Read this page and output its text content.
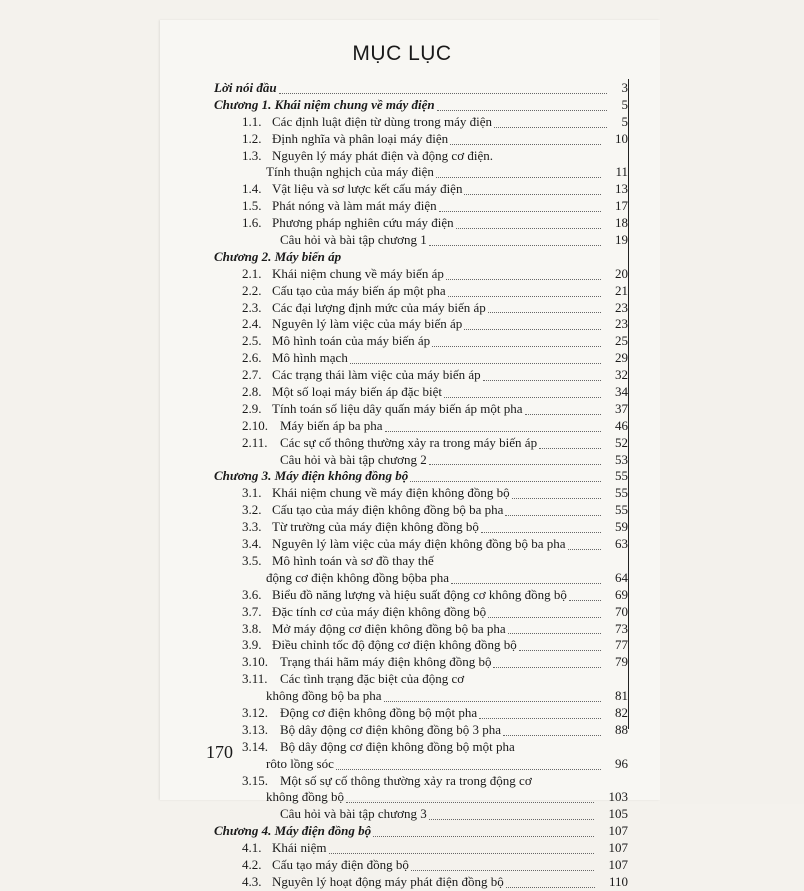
MỤC LỤC
Lời nói đầu	3
Chương 1. Khái niệm chung về máy điện	5
1.1. Các định luật điện từ dùng trong máy điện	5
1.2. Định nghĩa và phân loại máy điện	10
1.3. Nguyên lý máy phát điện và động cơ điện.
Tính thuận nghịch của máy điện	11
1.4. Vật liệu và sơ lược kết cấu máy điện	13
1.5. Phát nóng và làm mát máy điện	17
1.6. Phương pháp nghiên cứu máy điện	18
Câu hỏi và bài tập chương 1	19
Chương 2. Máy biến áp
2.1. Khái niệm chung về máy biến áp	20
2.2. Cấu tạo của máy biến áp một pha	21
2.3. Các đại lượng định mức của máy biến áp	23
2.4. Nguyên lý làm việc của máy biến áp	23
2.5. Mô hình toán của máy biến áp	25
2.6. Mô hình mạch	29
2.7. Các trạng thái làm việc của máy biến áp	32
2.8. Một số loại máy biến áp đặc biệt	34
2.9. Tính toán số liệu dây quấn máy biến áp một pha	37
2.10. Máy biến áp ba pha	46
2.11. Các sự cố thông thường xảy ra trong máy biến áp	52
Câu hỏi và bài tập chương 2	53
Chương 3. Máy điện không đồng bộ	55
3.1. Khái niệm chung về máy điện không đồng bộ	55
3.2. Cấu tạo của máy điện không đồng bộ ba pha	55
3.3. Từ trường của máy điện không đồng bộ	59
3.4. Nguyên lý làm việc của máy điện không đồng bộ ba pha	63
3.5. Mô hình toán và sơ đồ thay thế
động cơ điện không đồng bộba pha	64
3.6. Biểu đồ năng lượng và hiệu suất động cơ không đồng bộ	69
3.7. Đặc tính cơ của máy điện không đồng bộ	70
3.8. Mở máy động cơ điện không đồng bộ ba pha	73
3.9. Điều chỉnh tốc độ động cơ điện không đồng bộ	77
3.10. Trạng thái hãm máy điện không đồng bộ	79
3.11. Các tình trạng đặc biệt của động cơ
không đồng bộ ba pha	81
3.12. Động cơ điện không đồng bộ một pha	82
3.13. Bộ dây động cơ điện không đồng bộ 3 pha	88
3.14. Bộ dây động cơ điện không đồng bộ một pha
rôto lồng sóc	96
3.15. Một số sự cố thông thường xảy ra trong động cơ
không đồng bộ	103
Câu hỏi và bài tập chương 3	105
Chương 4. Máy điện đồng bộ	107
4.1. Khái niệm	107
4.2. Cấu tạo máy điện đồng bộ	107
4.3. Nguyên lý hoạt động máy phát điện đồng bộ	110
170
